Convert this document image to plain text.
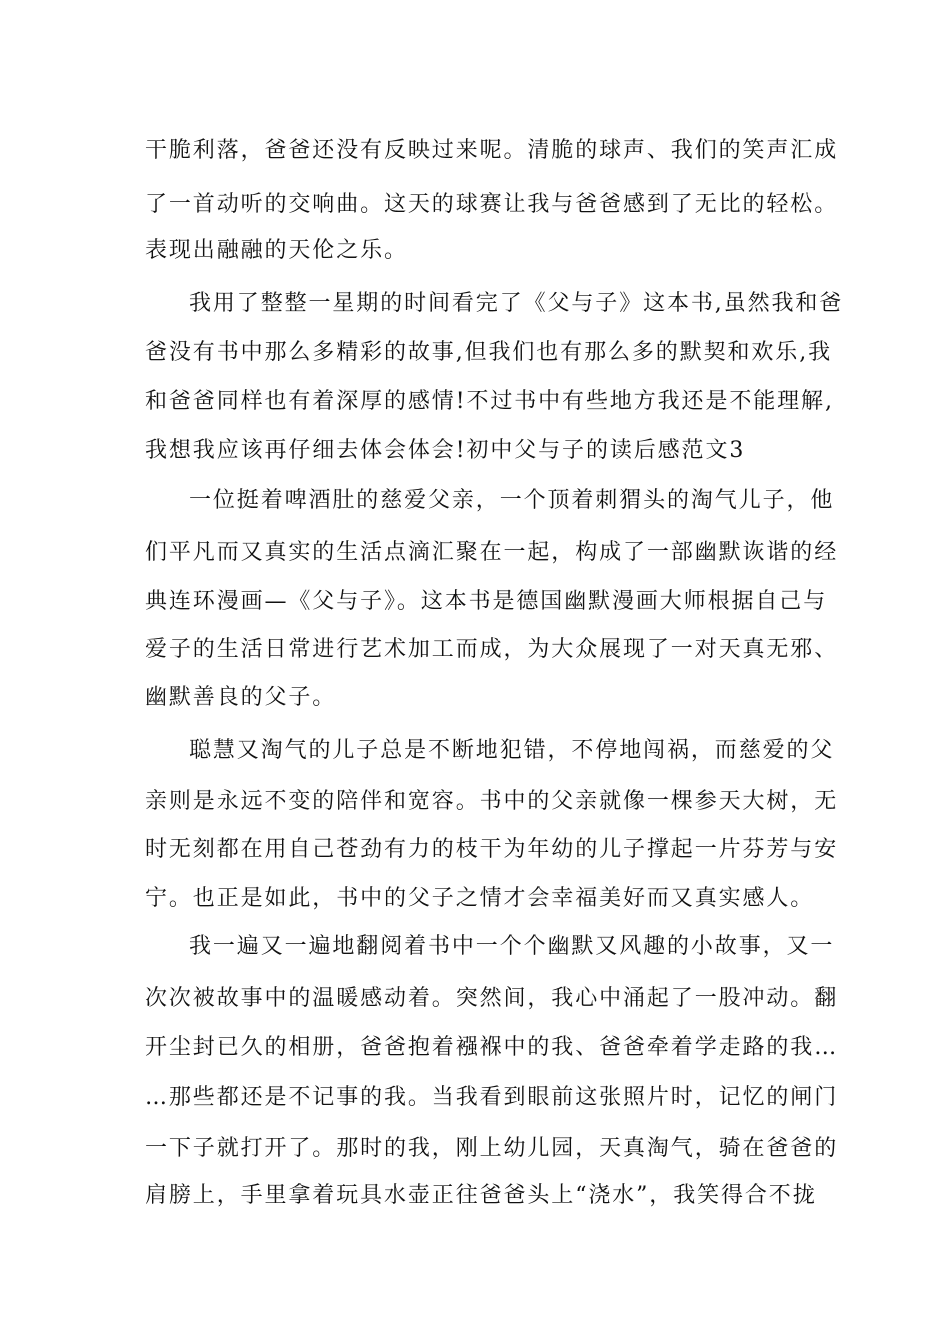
干脆利落，爸爸还没有反映过来呢。清脆的球声、我们的笑声汇成
了一首动听的交响曲。这天的球赛让我与爸爸感到了无比的轻松。
表现出融融的天伦之乐。
我用了整整一星期的时间看完了《父与子》这本书,虽然我和爸
爸没有书中那么多精彩的故事,但我们也有那么多的默契和欢乐,我
和爸爸同样也有着深厚的感情!不过书中有些地方我还是不能理解,
我想我应该再仔细去体会体会!初中父与子的读后感范文3
一位挺着啤酒肚的慈爱父亲，一个顶着刺猬头的淘气儿子，他
们平凡而又真实的生活点滴汇聚在一起，构成了一部幽默诙谐的经
典连环漫画—《父与子》。这本书是德国幽默漫画大师根据自己与
爱子的生活日常进行艺术加工而成，为大众展现了一对天真无邪、
幽默善良的父子。
聪慧又淘气的儿子总是不断地犯错，不停地闯祸，而慈爱的父
亲则是永远不变的陪伴和宽容。书中的父亲就像一棵参天大树，无
时无刻都在用自己苍劲有力的枝干为年幼的儿子撑起一片芬芳与安
宁。也正是如此，书中的父子之情才会幸福美好而又真实感人。
我一遍又一遍地翻阅着书中一个个幽默又风趣的小故事，又一
次次被故事中的温暖感动着。突然间，我心中涌起了一股冲动。翻
开尘封已久的相册，爸爸抱着襁褓中的我、爸爸牵着学走路的我…
…那些都还是不记事的我。当我看到眼前这张照片时，记忆的闸门
一下子就打开了。那时的我，刚上幼儿园，天真淘气，骑在爸爸的
肩膀上，手里拿着玩具水壶正往爸爸头上“浇水”，我笑得合不拢
